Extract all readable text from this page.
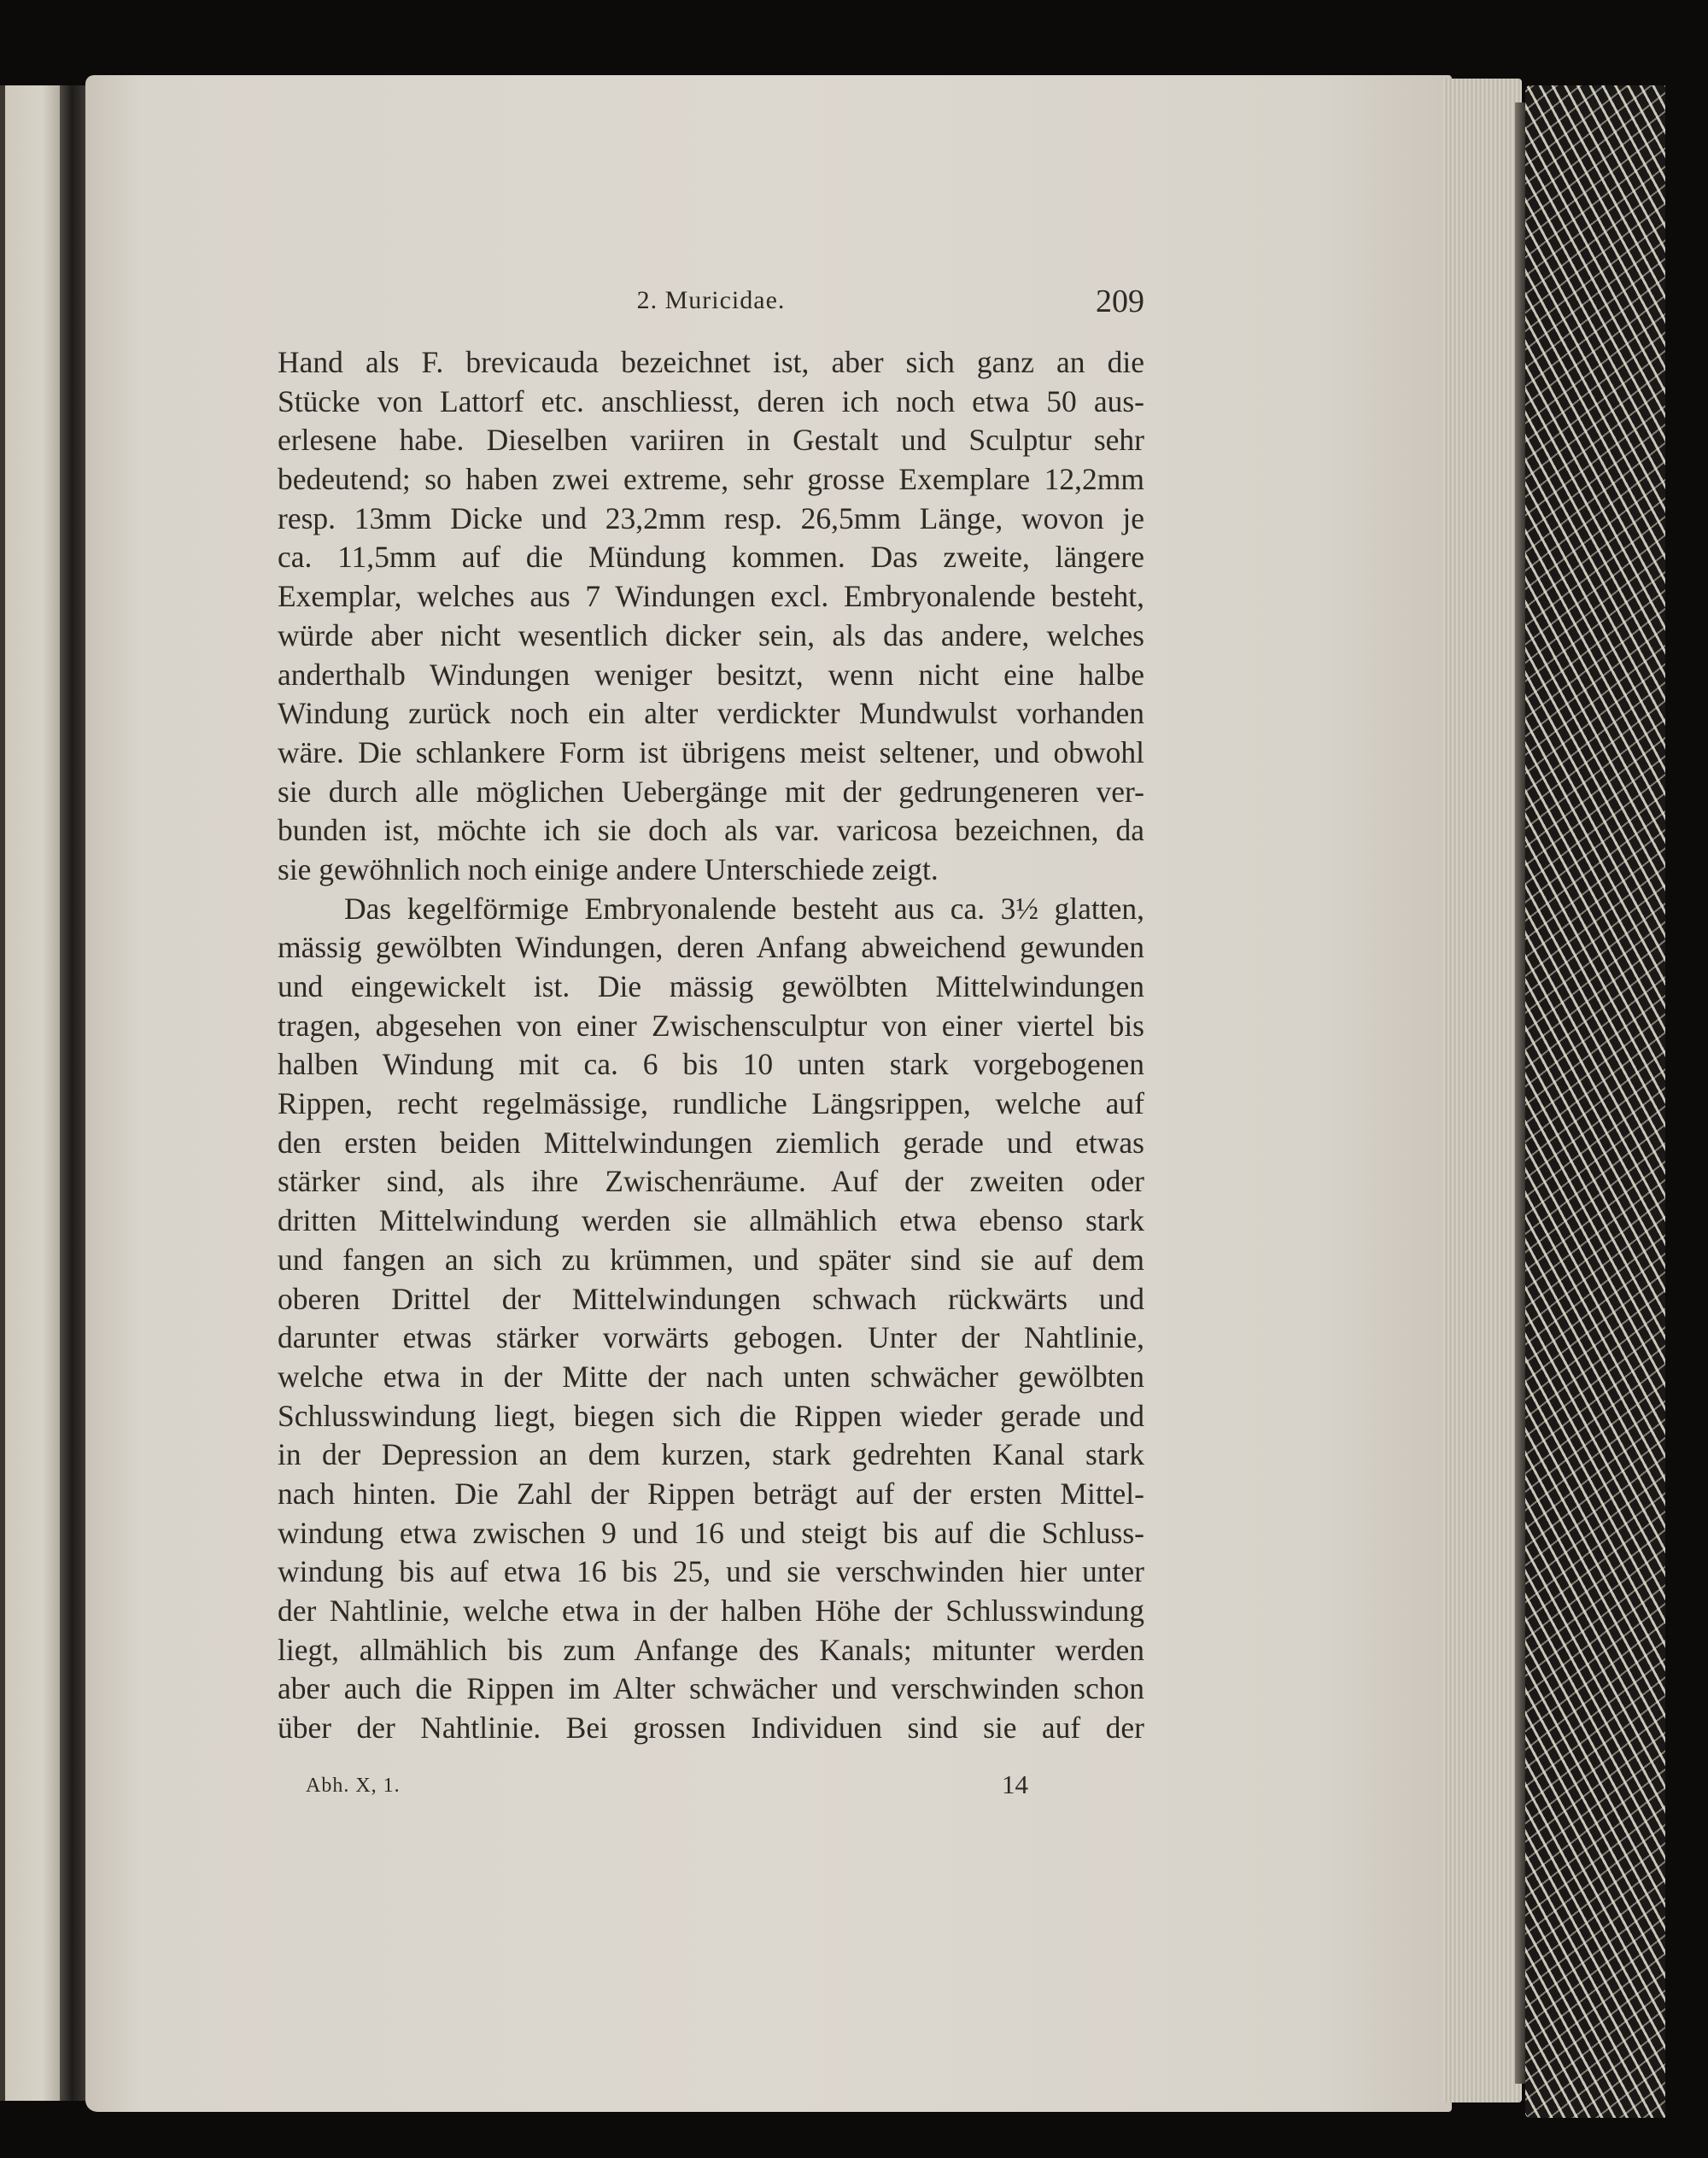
2. Muricidae.	209
Hand als F. brevicauda bezeichnet ist, aber sich ganz an die
Stücke von Lattorf etc. anschliesst, deren ich noch etwa 50 aus-
erlesene habe. Dieselben variiren in Gestalt und Sculptur sehr
bedeutend; so haben zwei extreme, sehr grosse Exemplare 12,2mm
resp. 13mm Dicke und 23,2mm resp. 26,5mm Länge, wovon je
ca. 11,5mm auf die Mündung kommen. Das zweite, längere
Exemplar, welches aus 7 Windungen excl. Embryonalende besteht,
würde aber nicht wesentlich dicker sein, als das andere, welches
anderthalb Windungen weniger besitzt, wenn nicht eine halbe
Windung zurück noch ein alter verdickter Mundwulst vorhanden
wäre. Die schlankere Form ist übrigens meist seltener, und obwohl
sie durch alle möglichen Uebergänge mit der gedrungeneren ver-
bunden ist, möchte ich sie doch als var. varicosa bezeichnen, da
sie gewöhnlich noch einige andere Unterschiede zeigt.
Das kegelförmige Embryonalende besteht aus ca. 3½ glatten,
mässig gewölbten Windungen, deren Anfang abweichend gewunden
und eingewickelt ist. Die mässig gewölbten Mittelwindungen
tragen, abgesehen von einer Zwischensculptur von einer viertel bis
halben Windung mit ca. 6 bis 10 unten stark vorgebogenen
Rippen, recht regelmässige, rundliche Längsrippen, welche auf
den ersten beiden Mittelwindungen ziemlich gerade und etwas
stärker sind, als ihre Zwischenräume. Auf der zweiten oder
dritten Mittelwindung werden sie allmählich etwa ebenso stark
und fangen an sich zu krümmen, und später sind sie auf dem
oberen Drittel der Mittelwindungen schwach rückwärts und
darunter etwas stärker vorwärts gebogen. Unter der Nahtlinie,
welche etwa in der Mitte der nach unten schwächer gewölbten
Schlusswindung liegt, biegen sich die Rippen wieder gerade und
in der Depression an dem kurzen, stark gedrehten Kanal stark
nach hinten. Die Zahl der Rippen beträgt auf der ersten Mittel-
windung etwa zwischen 9 und 16 und steigt bis auf die Schluss-
windung bis auf etwa 16 bis 25, und sie verschwinden hier unter
der Nahtlinie, welche etwa in der halben Höhe der Schlusswindung
liegt, allmählich bis zum Anfange des Kanals; mitunter werden
aber auch die Rippen im Alter schwächer und verschwinden schon
über der Nahtlinie. Bei grossen Individuen sind sie auf der
Abh. X, 1.	14
